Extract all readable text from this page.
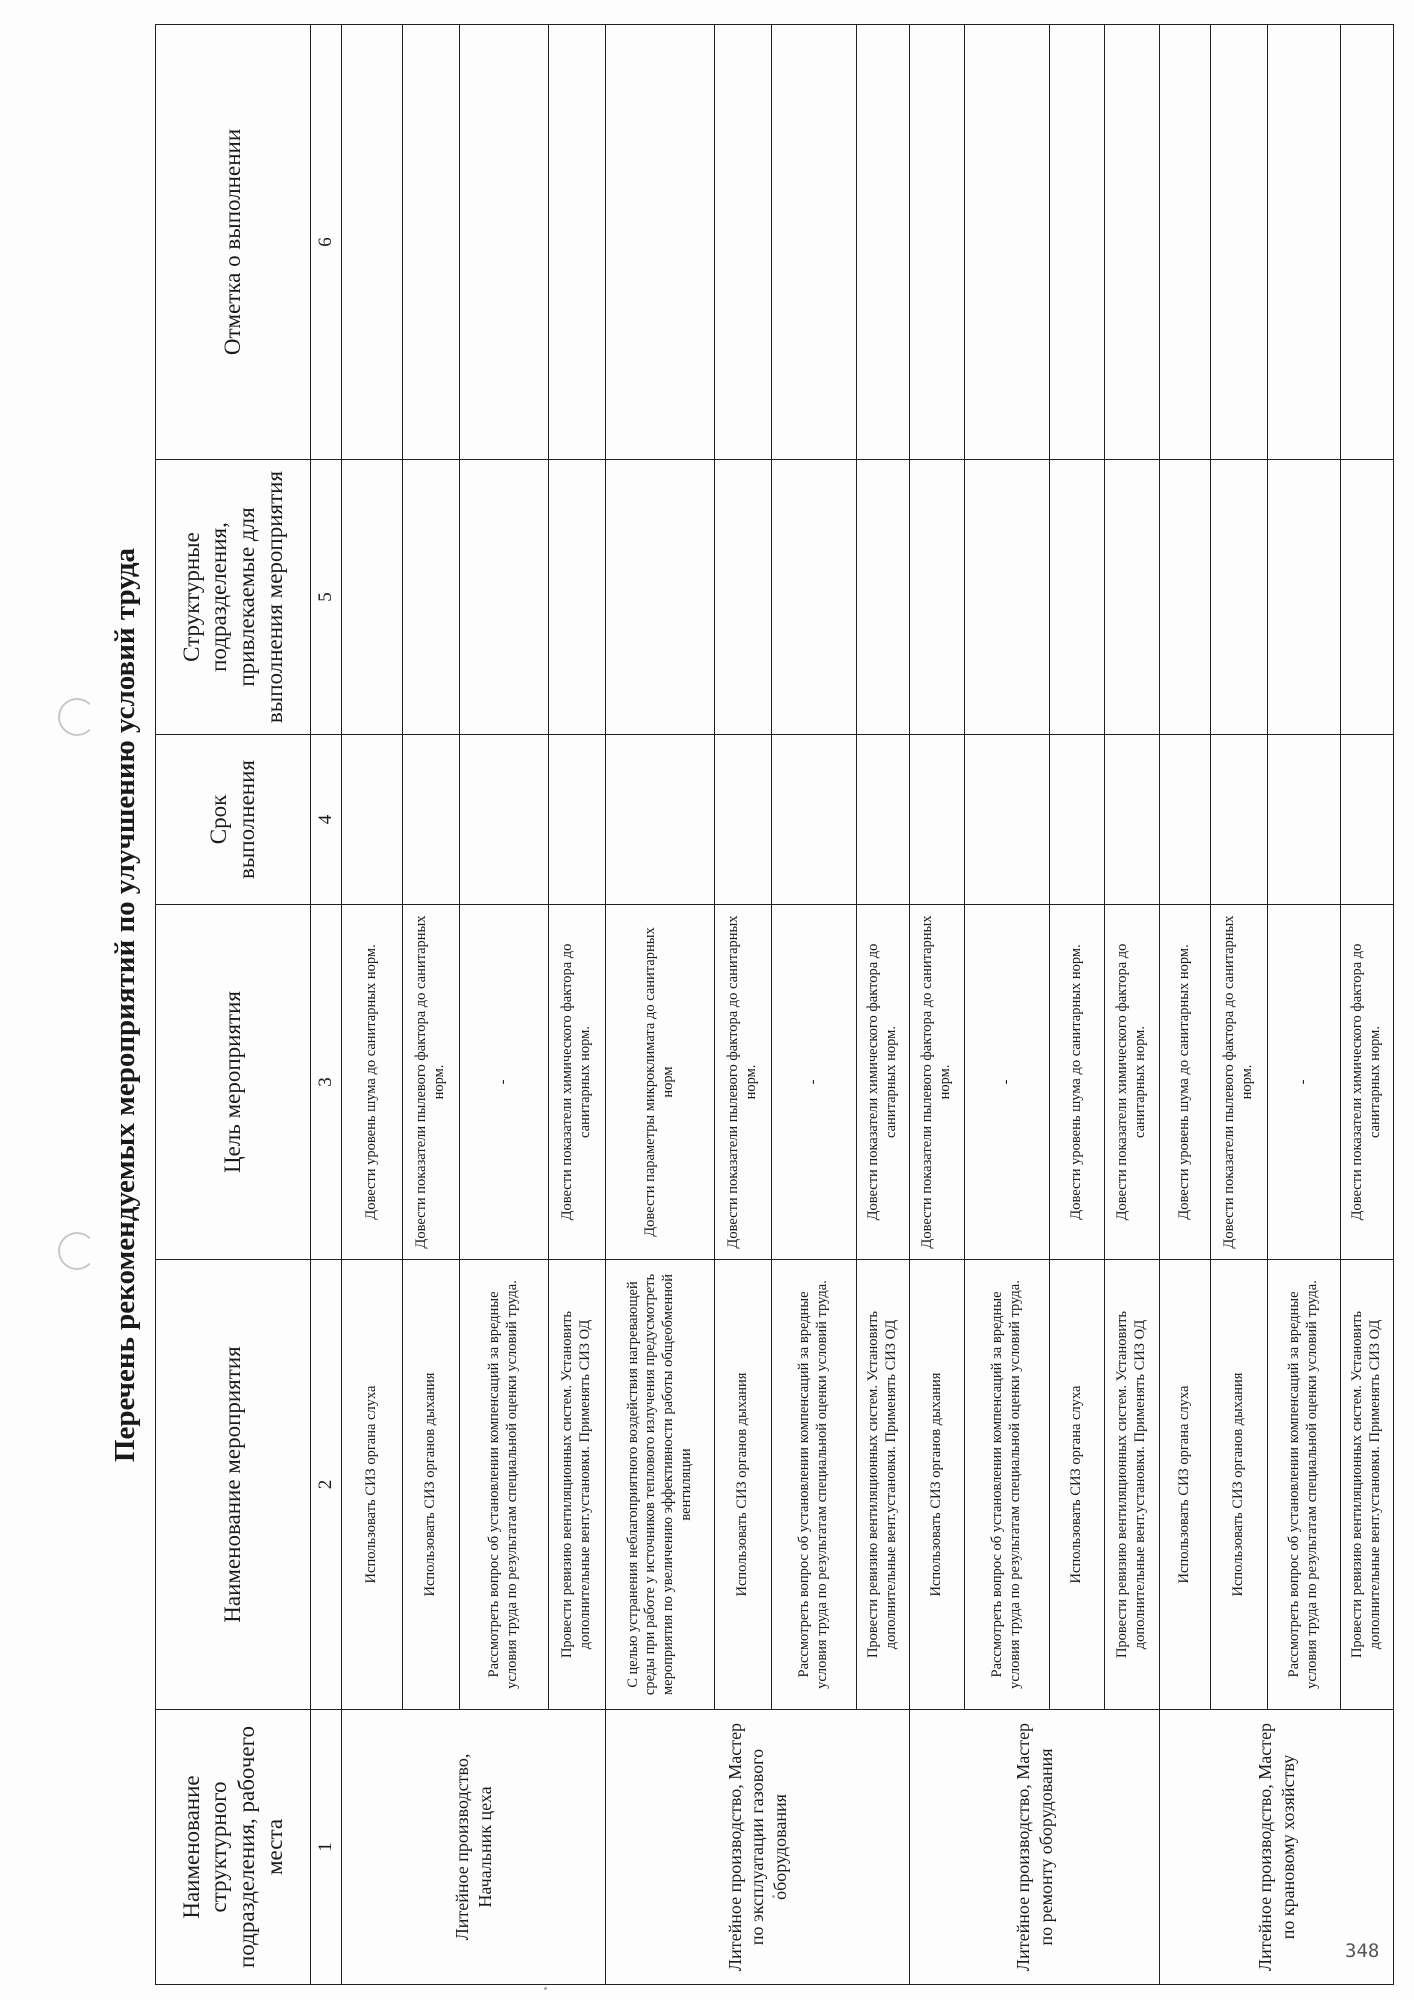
Перечень рекомендуемых мероприятий по улучшению условий труда
Наименование структурного подразделения, рабочего места	Наименование мероприятия	Цель мероприятия	Срок выполнения	Структурные подразделения, привлекаемые для выполнения мероприятия	Отметка о выполнении
1	2	3	4	5	6
Литейное производство, Начальник цеха	Использовать СИЗ органа слуха	Довести уровень шума до санитарных норм.			
	Использовать СИЗ органов дыхания	Довести показатели пылевого фактора до санитарных норм.			
	Рассмотреть вопрос об установлении компенсаций за вредные условия труда по результатам специальной оценки условий труда.	-			
	Провести ревизию вентиляционных систем. Установить дополнительные вент.установки. Применять СИЗ ОД	Довести показатели химического фактора до санитарных норм.			
Литейное производство, Мастер по эксплуатации газового оборудования	С целью устранения неблагоприятного воздействия нагревающей среды при работе у источников теплового излучения предусмотреть мероприятия по увеличению эффективности работы общеобменной вентиляции	Довести параметры микроклимата до санитарных норм			
	Использовать СИЗ органов дыхания	Довести показатели пылевого фактора до санитарных норм.			
	Рассмотреть вопрос об установлении компенсаций за вредные условия труда по результатам специальной оценки условий труда.	-			
	Провести ревизию вентиляционных систем. Установить дополнительные вент.установки. Применять СИЗ ОД	Довести показатели химического фактора до санитарных норм.			
Литейное производство, Мастер по ремонту оборудования	Использовать СИЗ органов дыхания	Довести показатели пылевого фактора до санитарных норм.			
	Рассмотреть вопрос об установлении компенсаций за вредные условия труда по результатам специальной оценки условий труда.	-			
	Использовать СИЗ органа слуха	Довести уровень шума до санитарных норм.			
	Провести ревизию вентиляционных систем. Установить дополнительные вент.установки. Применять СИЗ ОД	Довести показатели химического фактора до санитарных норм.			
Литейное производство, Мастер по крановому хозяйству	Использовать СИЗ органа слуха	Довести уровень шума до санитарных норм.			
	Использовать СИЗ органов дыхания	Довести показатели пылевого фактора до санитарных норм.			
	Рассмотреть вопрос об установлении компенсаций за вредные условия труда по результатам специальной оценки условий труда.	-			
	Провести ревизию вентиляционных систем. Установить дополнительные вент.установки. Применять СИЗ ОД	Довести показатели химического фактора до санитарных норм.			
348
